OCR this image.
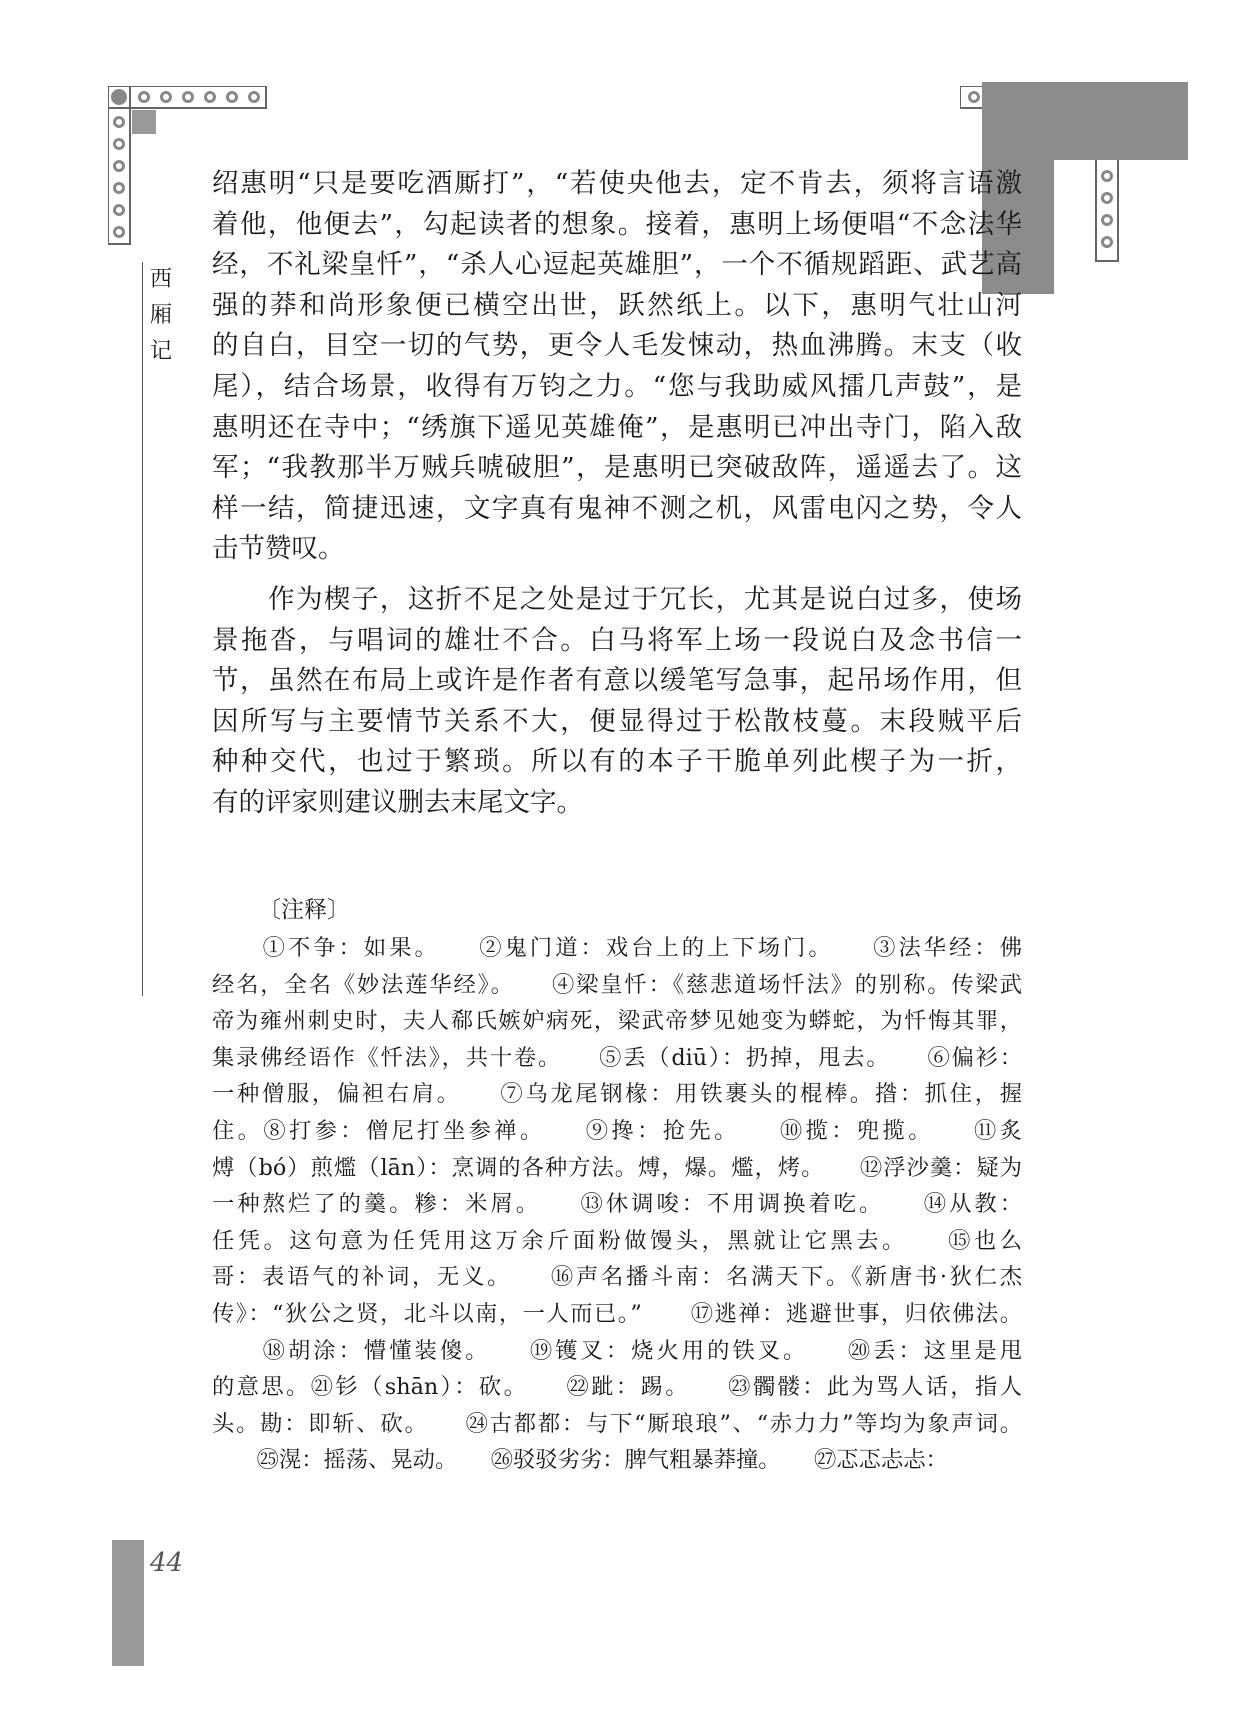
西
厢
记
绍惠明“只是要吃酒厮打”，“若使央他去，定不肯去，须将言语激
着他，他便去”，勾起读者的想象。接着，惠明上场便唱“不念法华
经，不礼梁皇忏”，“杀人心逗起英雄胆”，一个不循规蹈距、武艺高
强的莽和尚形象便已横空出世，跃然纸上。以下，惠明气壮山河
的自白，目空一切的气势，更令人毛发悚动，热血沸腾。末支（收
尾），结合场景，收得有万钧之力。“您与我助威风擂几声鼓”，是
惠明还在寺中；“绣旗下遥见英雄俺”，是惠明已冲出寺门，陷入敌
军；“我教那半万贼兵唬破胆”，是惠明已突破敌阵，遥遥去了。这
样一结，简捷迅速，文字真有鬼神不测之机，风雷电闪之势，令人
击节赞叹。
　　作为楔子，这折不足之处是过于冗长，尤其是说白过多，使场
景拖沓，与唱词的雄壮不合。白马将军上场一段说白及念书信一
节，虽然在布局上或许是作者有意以缓笔写急事，起吊场作用，但
因所写与主要情节关系不大，便显得过于松散枝蔓。末段贼平后
种种交代，也过于繁琐。所以有的本子干脆单列此楔子为一折，
有的评家则建议删去末尾文字。
〔注释〕
　　①不争：如果。　　②鬼门道：戏台上的上下场门。　　③法华经：佛
经名，全名《妙法莲华经》。　　④梁皇忏：《慈悲道场忏法》的别称。传梁武
帝为雍州刺史时，夫人郗氏嫉妒病死，梁武帝梦见她变为蟒蛇，为忏悔其罪，
集录佛经语作《忏法》，共十卷。　　⑤丢（diū）：扔掉，甩去。　　⑥偏衫：
一种僧服，偏袒右肩。　　⑦乌龙尾钢椽：用铁裹头的棍棒。揝：抓住，握
住。⑧打参：僧尼打坐参禅。　　⑨搀：抢先。　　⑩揽：兜揽。　　⑪炙
煿（bó）煎爁（lān）：烹调的各种方法。煿，爆。爁，烤。　　⑫浮沙羹：疑为
一种熬烂了的羹。糁：米屑。　　⑬休调唆：不用调换着吃。　　⑭从教：
任凭。这句意为任凭用这万余斤面粉做馒头，黑就让它黑去。　　⑮也么
哥：表语气的补词，无义。　　⑯声名播斗南：名满天下。《新唐书·狄仁杰
传》：“狄公之贤，北斗以南，一人而已。”　　⑰逃禅：逃避世事，归依佛法。
　　⑱胡涂：懵懂装傻。　　⑲镬叉：烧火用的铁叉。　　⑳丢：这里是甩
的意思。㉑钐（shān）：砍。　　㉒跐：踢。　　㉓髑髅：此为骂人话，指人
头。勘：即斩、砍。　　㉔古都都：与下“厮琅琅”、“赤力力”等均为象声词。
　　㉕滉：摇荡、晃动。　　㉖驳驳劣劣：脾气粗暴莽撞。　　㉗忑忑忐忐：
44
